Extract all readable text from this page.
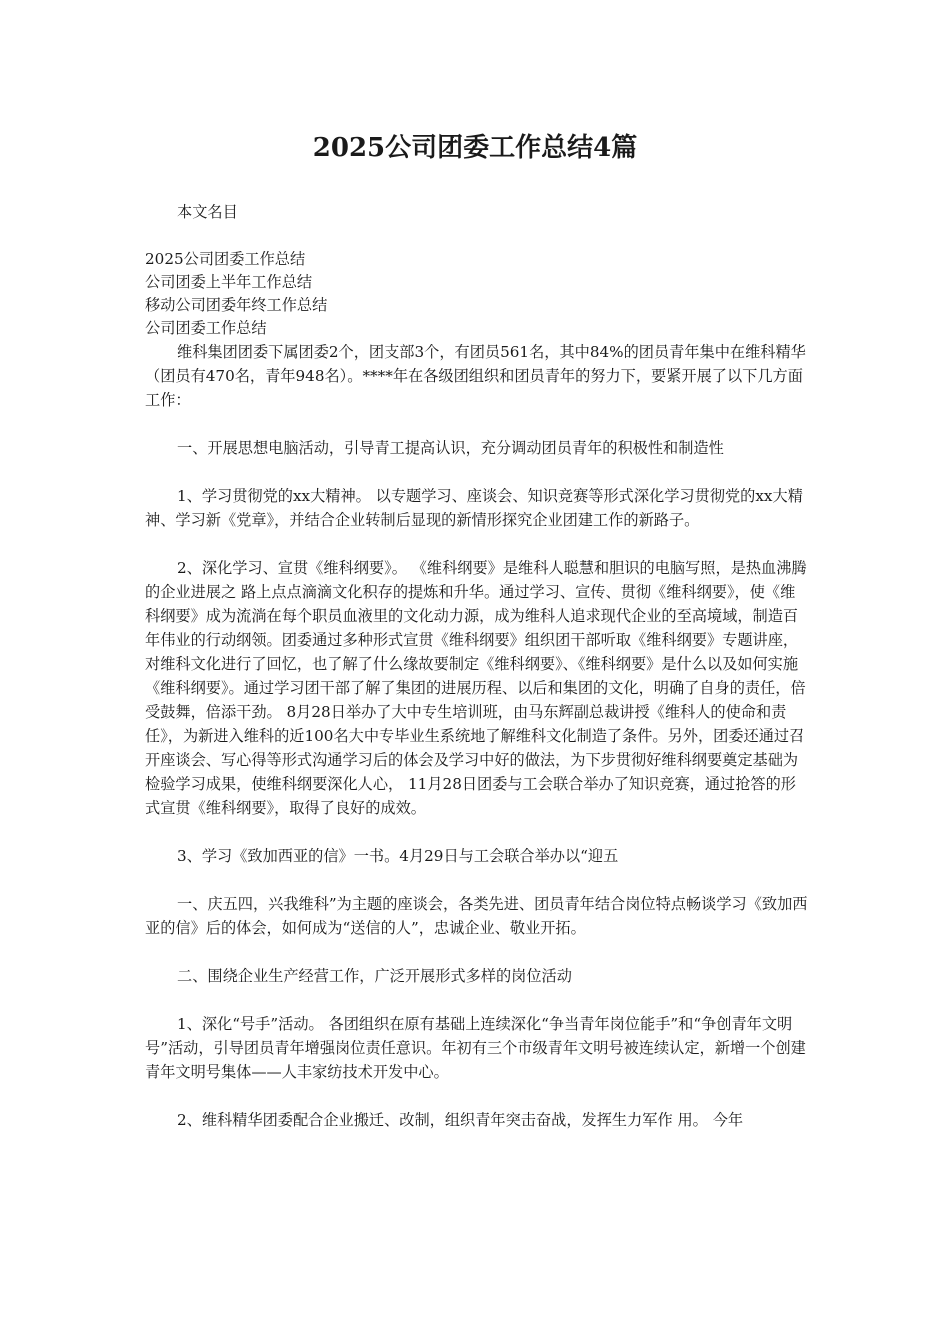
2025公司团委工作总结4篇

本文名目

2025公司团委工作总结

公司团委上半年工作总结

移动公司团委年终工作总结

公司团委工作总结

维科集团团委下属团委2个，团支部3个，有团员561名，其中84%的团员青年集中在维科精华（团员有470名，青年948名）。****年在各级团组织和团员青年的努力下，要紧开展了以下几方面工作：

一、开展思想电脑活动，引导青工提高认识，充分调动团员青年的积极性和制造性

1、学习贯彻党的xx大精神。 以专题学习、座谈会、知识竞赛等形式深化学习贯彻党的xx大精神、学习新《党章》，并结合企业转制后显现的新情形探究企业团建工作的新路子。

2、深化学习、宣贯《维科纲要》。 《维科纲要》是维科人聪慧和胆识的电脑写照，是热血沸腾的企业进展之 路上点点滴滴文化积存的提炼和升华。通过学习、宣传、贯彻《维科纲要》，使《维科纲要》成为流淌在每个职员血液里的文化动力源，成为维科人追求现代企业的至高境域，制造百年伟业的行动纲领。团委通过多种形式宣贯《维科纲要》组织团干部听取《维科纲要》专题讲座，对维科文化进行了回忆，也了解了什么缘故要制定《维科纲要》、《维科纲要》是什么以及如何实施《维科纲要》。通过学习团干部了解了集团的进展历程、以后和集团的文化，明确了自身的责任，倍受鼓舞，倍添干劲。 8月28日举办了大中专生培训班，由马东辉副总裁讲授《维科人的使命和责任》，为新进入维科的近100名大中专毕业生系统地了解维科文化制造了条件。另外，团委还通过召开座谈会、写心得等形式沟通学习后的体会及学习中好的做法，为下步贯彻好维科纲要奠定基础为检验学习成果，使维科纲要深化人心， 11月28日团委与工会联合举办了知识竞赛，通过抢答的形式宣贯《维科纲要》，取得了良好的成效。

3、学习《致加西亚的信》一书。4月29日与工会联合举办以“迎五

一、庆五四，兴我维科”为主题的座谈会，各类先进、团员青年结合岗位特点畅谈学习《致加西亚的信》后的体会，如何成为“送信的人”，忠诚企业、敬业开拓。

二、围绕企业生产经营工作，广泛开展形式多样的岗位活动

1、深化“号手”活动。 各团组织在原有基础上连续深化“争当青年岗位能手”和“争创青年文明号”活动，引导团员青年增强岗位责任意识。年初有三个市级青年文明号被连续认定，新增一个创建青年文明号集体——人丰家纺技术开发中心。

2、维科精华团委配合企业搬迁、改制，组织青年突击奋战，发挥生力军作 用。 今年
